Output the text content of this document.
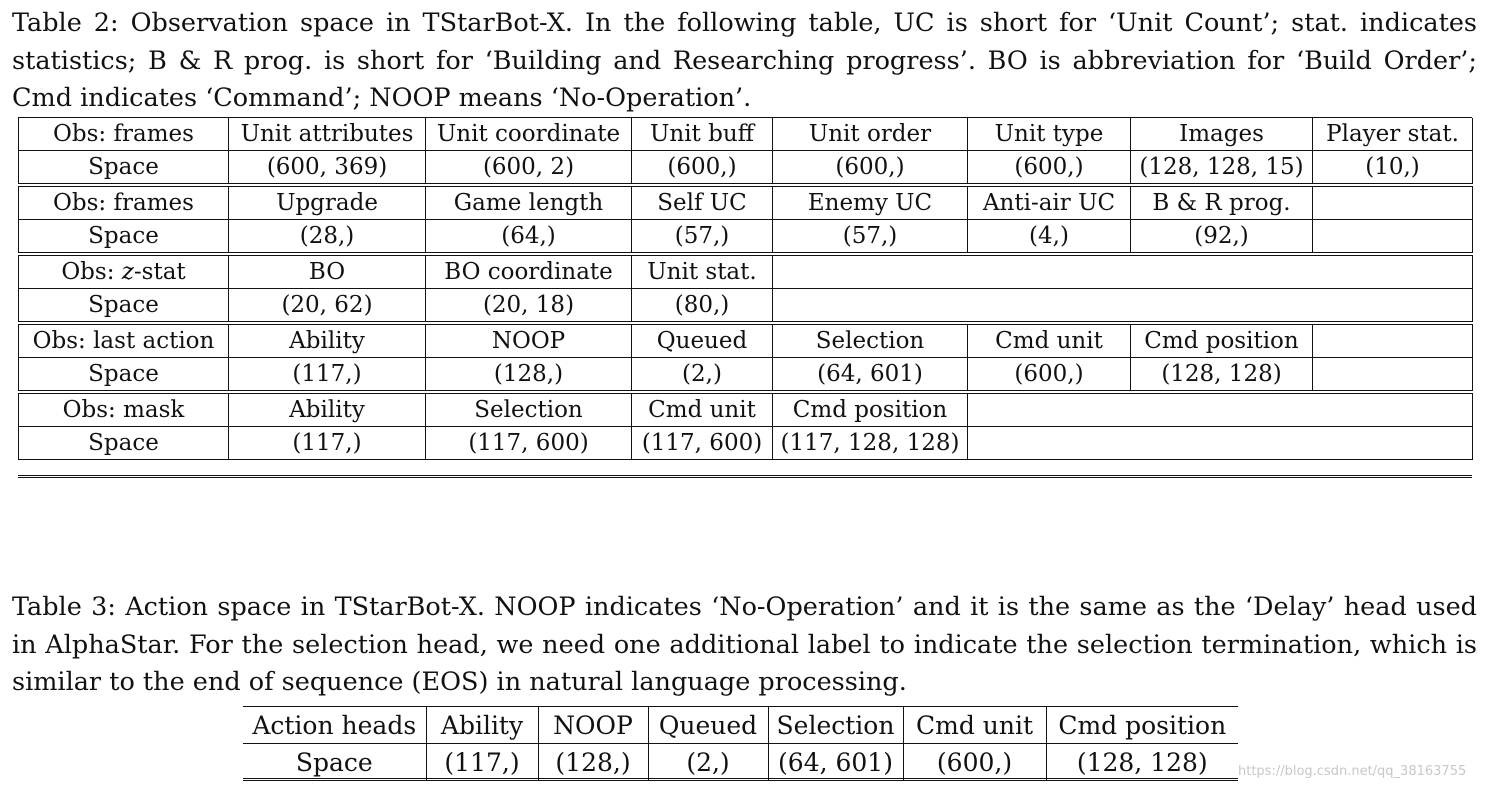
Table 2: Observation space in TStarBot-X. In the following table, UC is short for ‘Unit Count’; stat. indicates statistics; B & R prog. is short for ‘Building and Researching progress’. BO is abbreviation for ‘Build Order’; Cmd indicates ‘Command’; NOOP means ‘No-Operation’.
Obs: frames	Unit attributes	Unit coordinate	Unit buff	Unit order	Unit type	Images	Player stat.
Space	(600, 369)	(600, 2)	(600,)	(600,)	(600,)	(128, 128, 15)	(10,)
Obs: frames	Upgrade	Game length	Self UC	Enemy UC	Anti-air UC	B & R prog.	
Space	(28,)	(64,)	(57,)	(57,)	(4,)	(92,)	
Obs: z-stat	BO	BO coordinate	Unit stat.				
Space	(20, 62)	(20, 18)	(80,)				
Obs: last action	Ability	NOOP	Queued	Selection	Cmd unit	Cmd position	
Space	(117,)	(128,)	(2,)	(64, 601)	(600,)	(128, 128)	
Obs: mask	Ability	Selection	Cmd unit	Cmd position			
Space	(117,)	(117, 600)	(117, 600)	(117, 128, 128)			
Table 3: Action space in TStarBot-X. NOOP indicates ‘No-Operation’ and it is the same as the ‘Delay’ head used in AlphaStar. For the selection head, we need one additional label to indicate the selection termination, which is similar to the end of sequence (EOS) in natural language processing.
Action heads	Ability	NOOP	Queued	Selection	Cmd unit	Cmd position
Space	(117,)	(128,)	(2,)	(64, 601)	(600,)	(128, 128) https://blog.csdn.net/qq_38163755
